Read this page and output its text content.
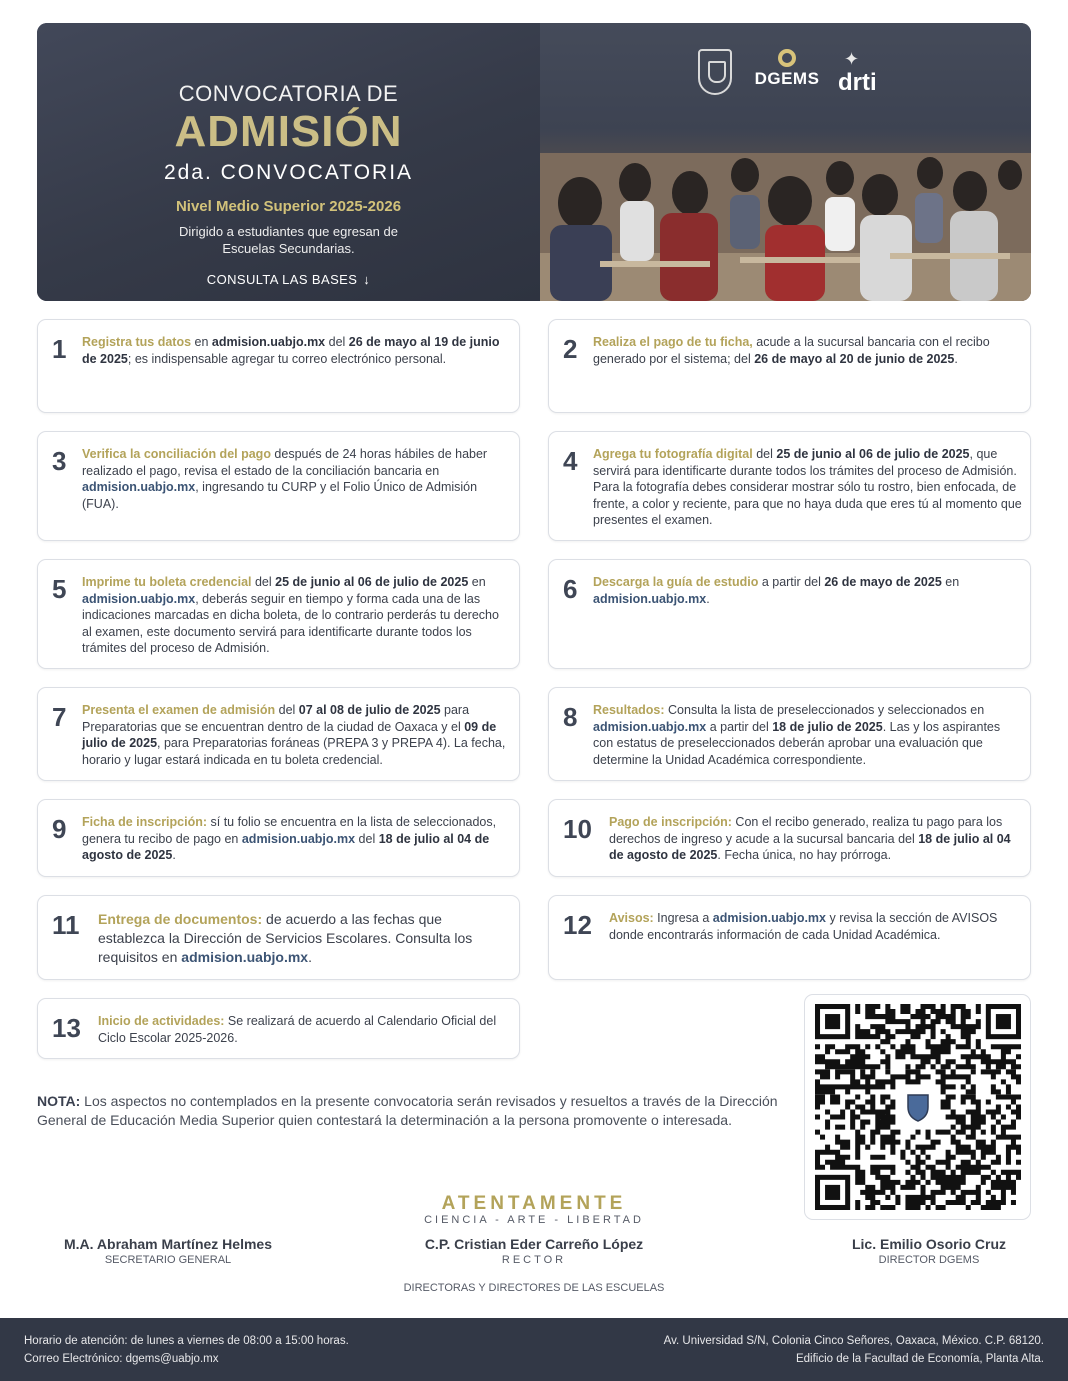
CONVOCATORIA DE
ADMISIÓN
2da. CONVOCATORIA
Nivel Medio Superior 2025-2026
Dirigido a estudiantes que egresan de Escuelas Secundarias.
CONSULTA LAS BASES ↓
DGEMS
✦
drti
1 Registra tus datos en admision.uabjo.mx del 26 de mayo al 19 de junio de 2025; es indispensable agregar tu correo electrónico personal.	2 Realiza el pago de tu ficha, acude a la sucursal bancaria con el recibo generado por el sistema; del 26 de mayo al 20 de junio de 2025.
3 Verifica la conciliación del pago después de 24 horas hábiles de haber realizado el pago, revisa el estado de la conciliación bancaria en admision.uabjo.mx, ingresando tu CURP y el Folio Único de Admisión (FUA).
4 Agrega tu fotografía digital del 25 de junio al 06 de julio de 2025, que servirá para identificarte durante todos los trámites del proceso de Admisión. Para la fotografía debes considerar mostrar sólo tu rostro, bien enfocada, de frente, a color y reciente, para que no haya duda que eres tú al momento que presentes el examen.
5 Imprime tu boleta credencial del 25 de junio al 06 de julio de 2025 en admision.uabjo.mx, deberás seguir en tiempo y forma cada una de las indicaciones marcadas en dicha boleta, de lo contrario perderás tu derecho al examen, este documento servirá para identificarte durante todos los trámites del proceso de Admisión.
6 Descarga la guía de estudio a partir del 26 de mayo de 2025 en admision.uabjo.mx.
7 Presenta el examen de admisión del 07 al 08 de julio de 2025 para Preparatorias que se encuentran dentro de la ciudad de Oaxaca y el 09 de julio de 2025, para Preparatorias foráneas (PREPA 3 y PREPA 4). La fecha, horario y lugar estará indicada en tu boleta credencial.
8 Resultados: Consulta la lista de preseleccionados y seleccionados en admision.uabjo.mx a partir del 18 de julio de 2025. Las y los aspirantes con estatus de preseleccionados deberán aprobar una evaluación que determine la Unidad Académica correspondiente.
9 Ficha de inscripción: sí tu folio se encuentra en la lista de seleccionados, genera tu recibo de pago en admision.uabjo.mx del 18 de julio al 04 de agosto de 2025.
10 Pago de inscripción: Con el recibo generado, realiza tu pago para los derechos de ingreso y acude a la sucursal bancaria del 18 de julio al 04 de agosto de 2025. Fecha única, no hay prórroga.
11 Entrega de documentos: de acuerdo a las fechas que establezca la Dirección de Servicios Escolares. Consulta los requisitos en admision.uabjo.mx.
12 Avisos: Ingresa a admision.uabjo.mx y revisa la sección de AVISOS donde encontrarás información de cada Unidad Académica.
13 Inicio de actividades: Se realizará de acuerdo al Calendario Oficial del Ciclo Escolar 2025-2026.
NOTA: Los aspectos no contemplados en la presente convocatoria serán revisados y resueltos a través de la Dirección General de Educación Media Superior quien contestará la determinación a la persona promovente o interesada.
ATENTAMENTE
CIENCIA - ARTE - LIBERTAD
M.A. Abraham Martínez Helmes
SECRETARIO GENERAL
C.P. Cristian Eder Carreño López
RECTOR
Lic. Emilio Osorio Cruz
DIRECTOR DGEMS
DIRECTORAS Y DIRECTORES DE LAS ESCUELAS
Horario de atención: de lunes a viernes de 08:00 a 15:00 horas.
Correo Electrónico: dgems@uabjo.mx
Av. Universidad S/N, Colonia Cinco Señores, Oaxaca, México. C.P. 68120.
Edificio de la Facultad de Economía, Planta Alta.
